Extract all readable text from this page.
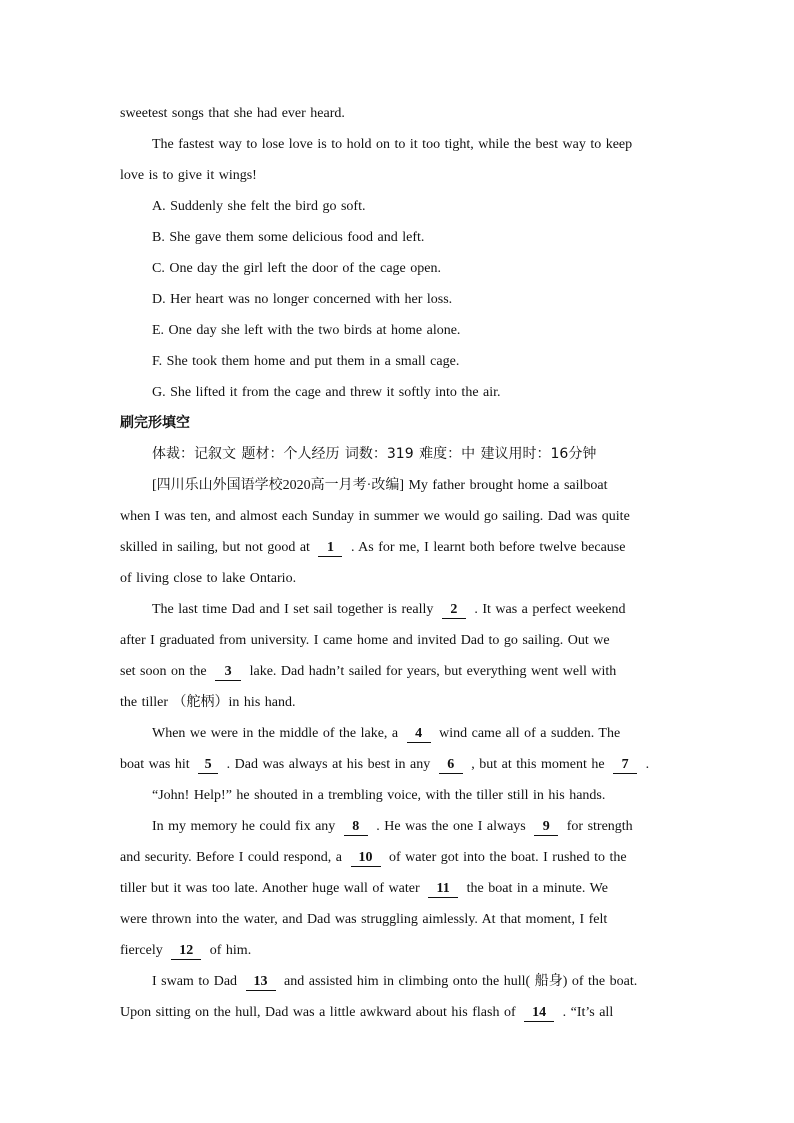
sweetest songs that she had ever heard.
The fastest way to lose love is to hold on to it too tight, while the best way to keep
love is to give it wings!
A. Suddenly she felt the bird go soft.
B. She gave them some delicious food and left.
C. One day the girl left the door of the cage open.
D. Her heart was no longer concerned with her loss.
E. One day she left with the two birds at home alone.
F. She took them home and put them in a small cage.
G. She lifted it from the cage and threw it softly into the air.
刷完形填空
体裁：记叙文 题材：个人经历 词数：319 难度：中 建议用时：16分钟
[四川乐山外国语学校2020高一月考·改编] My father brought home a sailboat
when I was ten, and almost each Sunday in summer we would go sailing. Dad was quite
skilled in sailing, but not good at 1 . As for me, I learnt both before twelve because
of living close to lake Ontario.
The last time Dad and I set sail together is really 2 . It was a perfect weekend
after I graduated from university. I came home and invited Dad to go sailing. Out we
set soon on the 3 lake. Dad hadn’t sailed for years, but everything went well with
the tiller （舵柄）in his hand.
When we were in the middle of the lake, a 4 wind came all of a sudden. The
boat was hit 5 . Dad was always at his best in any 6 , but at this moment he 7 .
“John! Help!” he shouted in a trembling voice, with the tiller still in his hands.
In my memory he could fix any 8 . He was the one I always 9 for strength
and security. Before I could respond, a 10 of water got into the boat. I rushed to the
tiller but it was too late. Another huge wall of water 11 the boat in a minute. We
were thrown into the water, and Dad was struggling aimlessly. At that moment, I felt
fiercely 12 of him.
I swam to Dad 13 and assisted him in climbing onto the hull( 船身) of the boat.
Upon sitting on the hull, Dad was a little awkward about his flash of 14 . “It’s all
